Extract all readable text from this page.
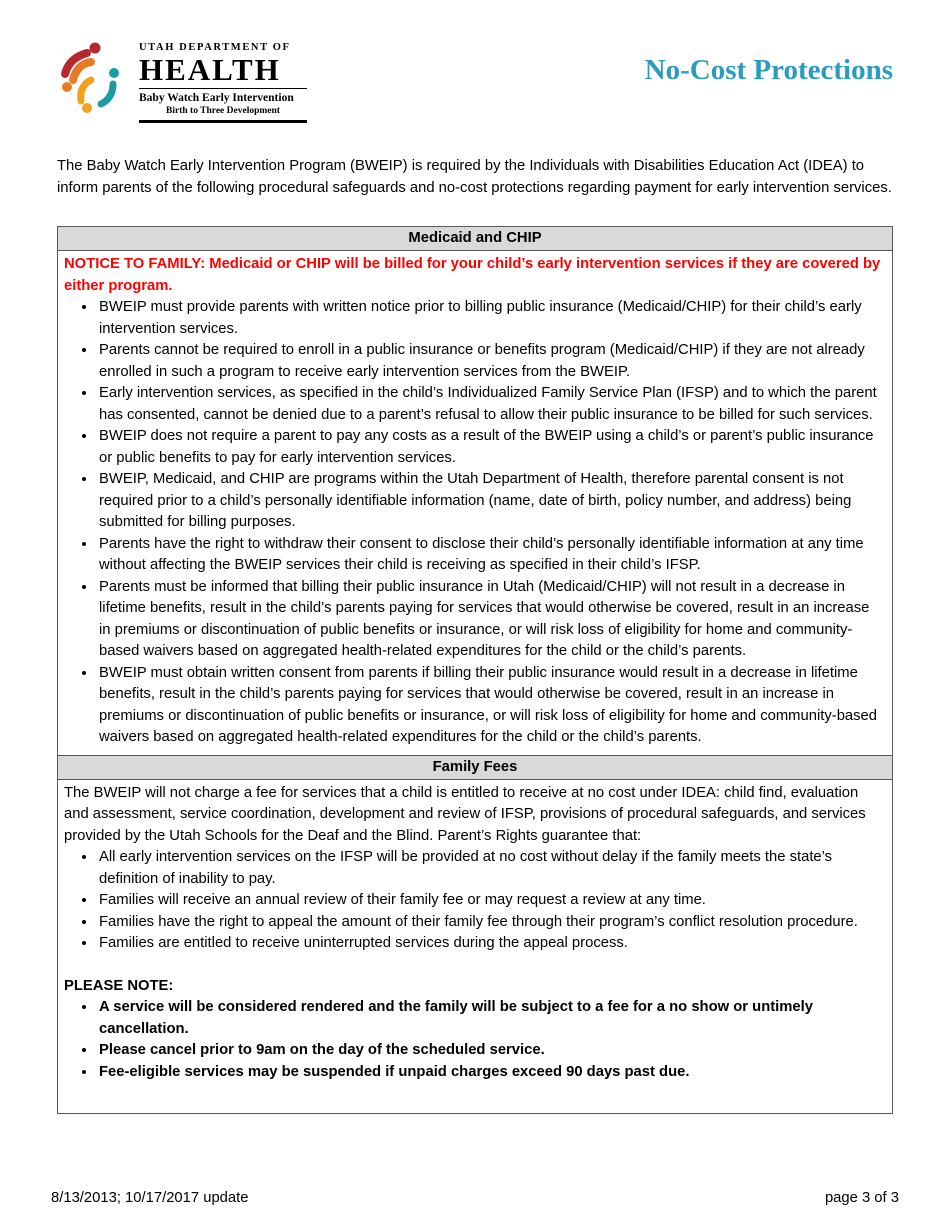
UTAH DEPARTMENT OF
HEALTH
Baby Watch Early Intervention
Birth to Three Development
No-Cost Protections

The Baby Watch Early Intervention Program (BWEIP) is required by the Individuals with Disabilities Education Act (IDEA) to inform parents of the following procedural safeguards and no-cost protections regarding payment for early intervention services.

Medicaid and CHIP

NOTICE TO FAMILY: Medicaid or CHIP will be billed for your child’s early intervention services if they are covered by either program.

• BWEIP must provide parents with written notice prior to billing public insurance (Medicaid/CHIP) for their child’s early intervention services.
• Parents cannot be required to enroll in a public insurance or benefits program (Medicaid/CHIP) if they are not already enrolled in such a program to receive early intervention services from the BWEIP.
• Early intervention services, as specified in the child’s Individualized Family Service Plan (IFSP) and to which the parent has consented, cannot be denied due to a parent’s refusal to allow their public insurance to be billed for such services.
• BWEIP does not require a parent to pay any costs as a result of the BWEIP using a child’s or parent’s public insurance or public benefits to pay for early intervention services.
• BWEIP, Medicaid, and CHIP are programs within the Utah Department of Health, therefore parental consent is not required prior to a child’s personally identifiable information (name, date of birth, policy number, and address) being submitted for billing purposes.
• Parents have the right to withdraw their consent to disclose their child’s personally identifiable information at any time without affecting the BWEIP services their child is receiving as specified in their child’s IFSP.
• Parents must be informed that billing their public insurance in Utah (Medicaid/CHIP) will not result in a decrease in lifetime benefits, result in the child’s parents paying for services that would otherwise be covered, result in an increase in premiums or discontinuation of public benefits or insurance, or will risk loss of eligibility for home and community-based waivers based on aggregated health-related expenditures for the child or the child’s parents.
• BWEIP must obtain written consent from parents if billing their public insurance would result in a decrease in lifetime benefits, result in the child’s parents paying for services that would otherwise be covered, result in an increase in premiums or discontinuation of public benefits or insurance, or will risk loss of eligibility for home and community-based waivers based on aggregated health-related expenditures for the child or the child’s parents.
Family Fees

The BWEIP will not charge a fee for services that a child is entitled to receive at no cost under IDEA: child find, evaluation and assessment, service coordination, development and review of IFSP, provisions of procedural safeguards, and services provided by the Utah Schools for the Deaf and the Blind. Parent’s Rights guarantee that:

• All early intervention services on the IFSP will be provided at no cost without delay if the family meets the state’s definition of inability to pay.
• Families will receive an annual review of their family fee or may request a review at any time.
• Families have the right to appeal the amount of their family fee through their program’s conflict resolution procedure.
• Families are entitled to receive uninterrupted services during the appeal process.

PLEASE NOTE:

• A service will be considered rendered and the family will be subject to a fee for a no show or untimely cancellation.
• Please cancel prior to 9am on the day of the scheduled service.
• Fee-eligible services may be suspended if unpaid charges exceed 90 days past due.
8/13/2013; 10/17/2017 update	page 3 of 3
